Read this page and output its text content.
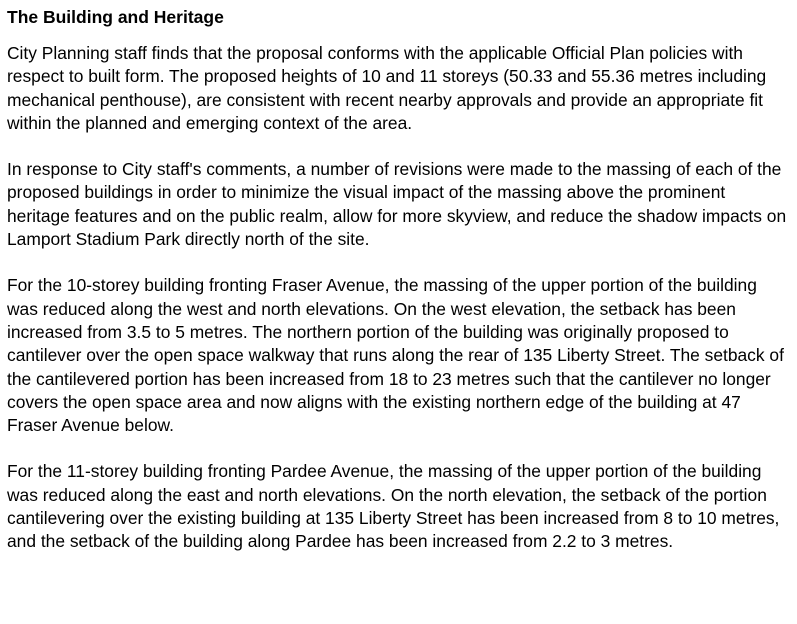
The Building and Heritage

City Planning staff finds that the proposal conforms with the applicable Official Plan policies with respect to built form. The proposed heights of 10 and 11 storeys (50.33 and 55.36 metres including mechanical penthouse), are consistent with recent nearby approvals and provide an appropriate fit within the planned and emerging context of the area.

In response to City staff's comments, a number of revisions were made to the massing of each of the proposed buildings in order to minimize the visual impact of the massing above the prominent heritage features and on the public realm, allow for more skyview, and reduce the shadow impacts on Lamport Stadium Park directly north of the site.

For the 10-storey building fronting Fraser Avenue, the massing of the upper portion of the building was reduced along the west and north elevations. On the west elevation, the setback has been increased from 3.5 to 5 metres. The northern portion of the building was originally proposed to cantilever over the open space walkway that runs along the rear of 135 Liberty Street. The setback of the cantilevered portion has been increased from 18 to 23 metres such that the cantilever no longer covers the open space area and now aligns with the existing northern edge of the building at 47 Fraser Avenue below.

For the 11-storey building fronting Pardee Avenue, the massing of the upper portion of the building was reduced along the east and north elevations. On the north elevation, the setback of the portion cantilevering over the existing building at 135 Liberty Street has been increased from 8 to 10 metres, and the setback of the building along Pardee has been increased from 2.2 to 3 metres.
